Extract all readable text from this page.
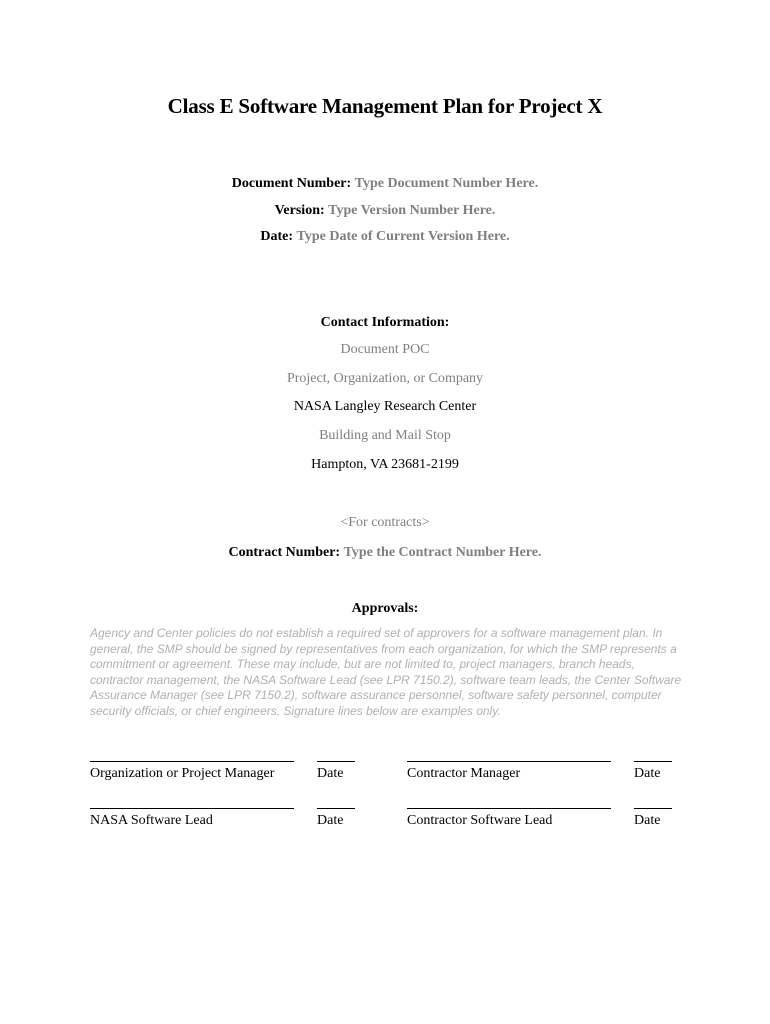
Class E Software Management Plan for Project X
Document Number: Type Document Number Here.
Version: Type Version Number Here.
Date: Type Date of Current Version Here.
Contact Information:
Document POC
Project, Organization, or Company
NASA Langley Research Center
Building and Mail Stop
Hampton, VA 23681-2199
<For contracts>
Contract Number: Type the Contract Number Here.
Approvals:
Agency and Center policies do not establish a required set of approvers for a software management plan. In general, the SMP should be signed by representatives from each organization, for which the SMP represents a commitment or agreement. These may include, but are not limited to, project managers, branch heads, contractor management, the NASA Software Lead (see LPR 7150.2), software team leads, the Center Software Assurance Manager (see LPR 7150.2), software assurance personnel, software safety personnel, computer security officials, or chief engineers. Signature lines below are examples only.
Organization or Project Manager	Date	Contractor Manager	Date
NASA Software Lead	Date	Contractor Software Lead	Date
